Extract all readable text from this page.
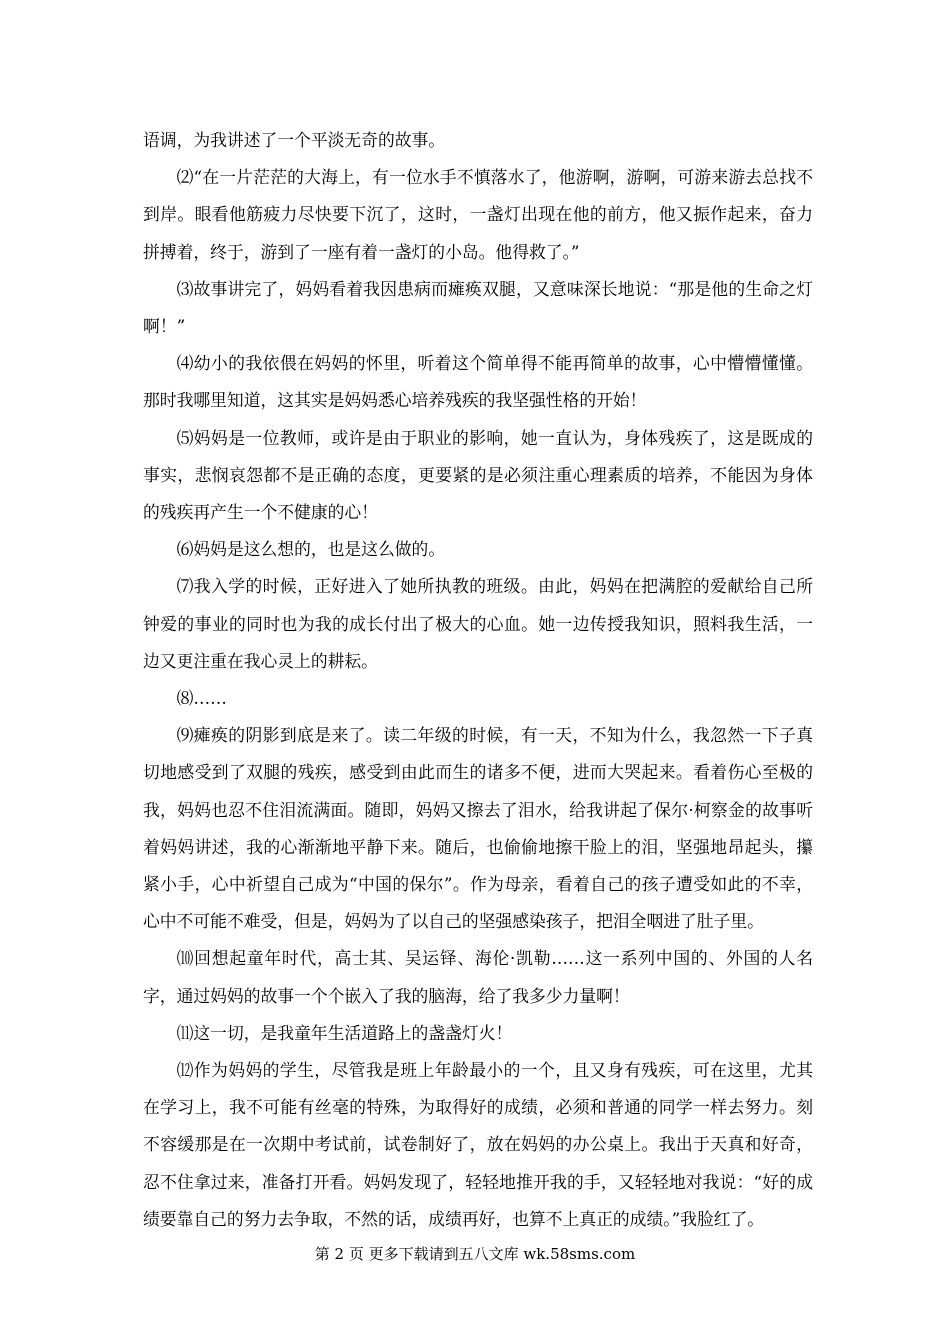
语调，为我讲述了一个平淡无奇的故事。

⑵“在一片茫茫的大海上，有一位水手不慎落水了，他游啊，游啊，可游来游去总找不到岸。眼看他筋疲力尽快要下沉了，这时，一盏灯出现在他的前方，他又振作起来，奋力拼搏着，终于，游到了一座有着一盏灯的小岛。他得救了。”

⑶故事讲完了，妈妈看着我因患病而瘫痪双腿，又意味深长地说：“那是他的生命之灯啊！”

⑷幼小的我依偎在妈妈的怀里，听着这个简单得不能再简单的故事，心中懵懵懂懂。那时我哪里知道，这其实是妈妈悉心培养残疾的我坚强性格的开始！

⑸妈妈是一位教师，或许是由于职业的影响，她一直认为，身体残疾了，这是既成的事实，悲悯哀怨都不是正确的态度，更要紧的是必须注重心理素质的培养，不能因为身体的残疾再产生一个不健康的心！

⑹妈妈是这么想的，也是这么做的。

⑺我入学的时候，正好进入了她所执教的班级。由此，妈妈在把满腔的爱献给自己所钟爱的事业的同时也为我的成长付出了极大的心血。她一边传授我知识，照料我生活，一边又更注重在我心灵上的耕耘。

⑻……

⑼瘫痪的阴影到底是来了。读二年级的时候，有一天，不知为什么，我忽然一下子真切地感受到了双腿的残疾，感受到由此而生的诸多不便，进而大哭起来。看着伤心至极的我，妈妈也忍不住泪流满面。随即，妈妈又擦去了泪水，给我讲起了保尔·柯察金的故事听着妈妈讲述，我的心渐渐地平静下来。随后，也偷偷地擦干脸上的泪，坚强地昂起头，攥紧小手，心中祈望自己成为“中国的保尔”。作为母亲，看着自己的孩子遭受如此的不幸，心中不可能不难受，但是，妈妈为了以自己的坚强感染孩子，把泪全咽进了肚子里。

⑽回想起童年时代，高士其、吴运铎、海伦·凯勒……这一系列中国的、外国的人名字，通过妈妈的故事一个个嵌入了我的脑海，给了我多少力量啊！

⑾这一切，是我童年生活道路上的盏盏灯火！

⑿作为妈妈的学生，尽管我是班上年龄最小的一个，且又身有残疾，可在这里，尤其在学习上，我不可能有丝毫的特殊，为取得好的成绩，必须和普通的同学一样去努力。刻不容缓那是在一次期中考试前，试卷制好了，放在妈妈的办公桌上。我出于天真和好奇，忍不住拿过来，准备打开看。妈妈发现了，轻轻地推开我的手，又轻轻地对我说：“好的成绩要靠自己的努力去争取，不然的话，成绩再好，也算不上真正的成绩。”我脸红了。

第 2 页 更多下载请到五八文库 wk.58sms.com
